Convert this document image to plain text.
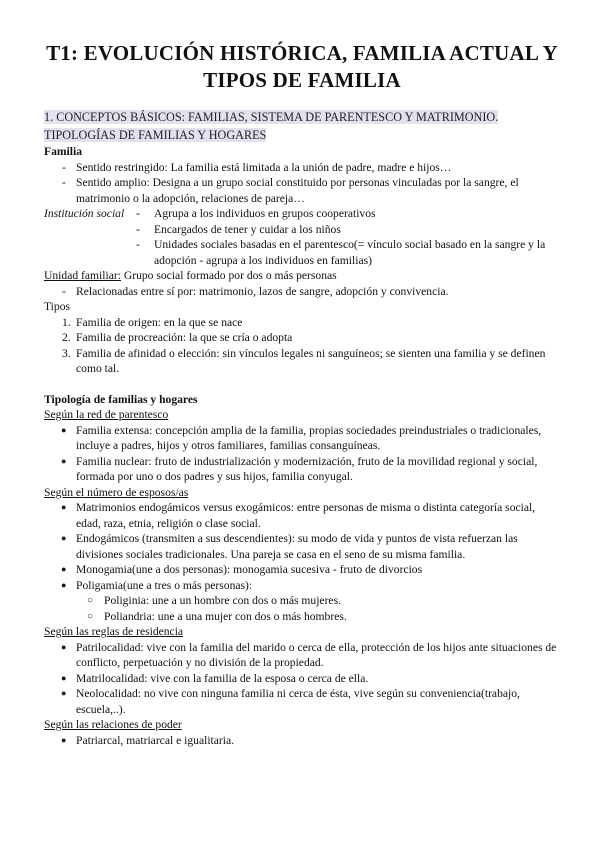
T1: EVOLUCIÓN HISTÓRICA, FAMILIA ACTUAL Y TIPOS DE FAMILIA
1. CONCEPTOS BÁSICOS: FAMILIAS, SISTEMA DE PARENTESCO Y MATRIMONIO. TIPOLOGÍAS DE FAMILIAS Y HOGARES
Familia
- Sentido restringido: La familia está limitada a la unión de padre, madre e hijos…
- Sentido amplio: Designa a un grupo social constituido por personas vinculadas por la sangre, el matrimonio o la adopción, relaciones de pareja…
Institución social - Agrupa a los individuos en grupos cooperativos
- Encargados de tener y cuidar a los niños
- Unidades sociales basadas en el parentesco(= vínculo social basado en la sangre y la adopción - agrupa a los individuos en familias)
Unidad familiar: Grupo social formado por dos o más personas
- Relacionadas entre sí por: matrimonio, lazos de sangre, adopción y convivencia.
Tipos
1. Familia de origen: en la que se nace
2. Familia de procreación: la que se cría o adopta
3. Familia de afinidad o elección: sin vínculos legales ni sanguíneos; se sienten una familia y se definen como tal.
Tipología de familias y hogares
Según la red de parentesco
● Familia extensa: concepción amplia de la familia, propias sociedades preindustriales o tradicionales, incluye a padres, hijos y otros familiares, familias consanguíneas.
● Familia nuclear: fruto de industrialización y modernización, fruto de la movilidad regional y social, formada por uno o dos padres y sus hijos, familia conyugal.
Según el número de esposos/as
● Matrimonios endogámicos versus exogámicos: entre personas de misma o distinta categoría social, edad, raza, etnia, religión o clase social.
● Endogámicos (transmiten a sus descendientes): su modo de vida y puntos de vista refuerzan las divisiones sociales tradicionales. Una pareja se casa en el seno de su misma familia.
● Monogamia(une a dos personas): monogamia sucesiva - fruto de divorcios
● Poligamia(une a tres o más personas):
○ Poliginia: une a un hombre con dos o más mujeres.
○ Poliandria: une a una mujer con dos o más hombres.
Según las reglas de residencia
● Patrilocalidad: vive con la familia del marido o cerca de ella, protección de los hijos ante situaciones de conflicto, perpetuación y no división de la propiedad.
● Matrilocalidad: vive con la familia de la esposa o cerca de ella.
● Neolocalidad: no vive con ninguna familia ni cerca de ésta, vive según su conveniencia(trabajo, escuela,..).
Según las relaciones de poder
● Patriarcal, matriarcal e igualitaria.
